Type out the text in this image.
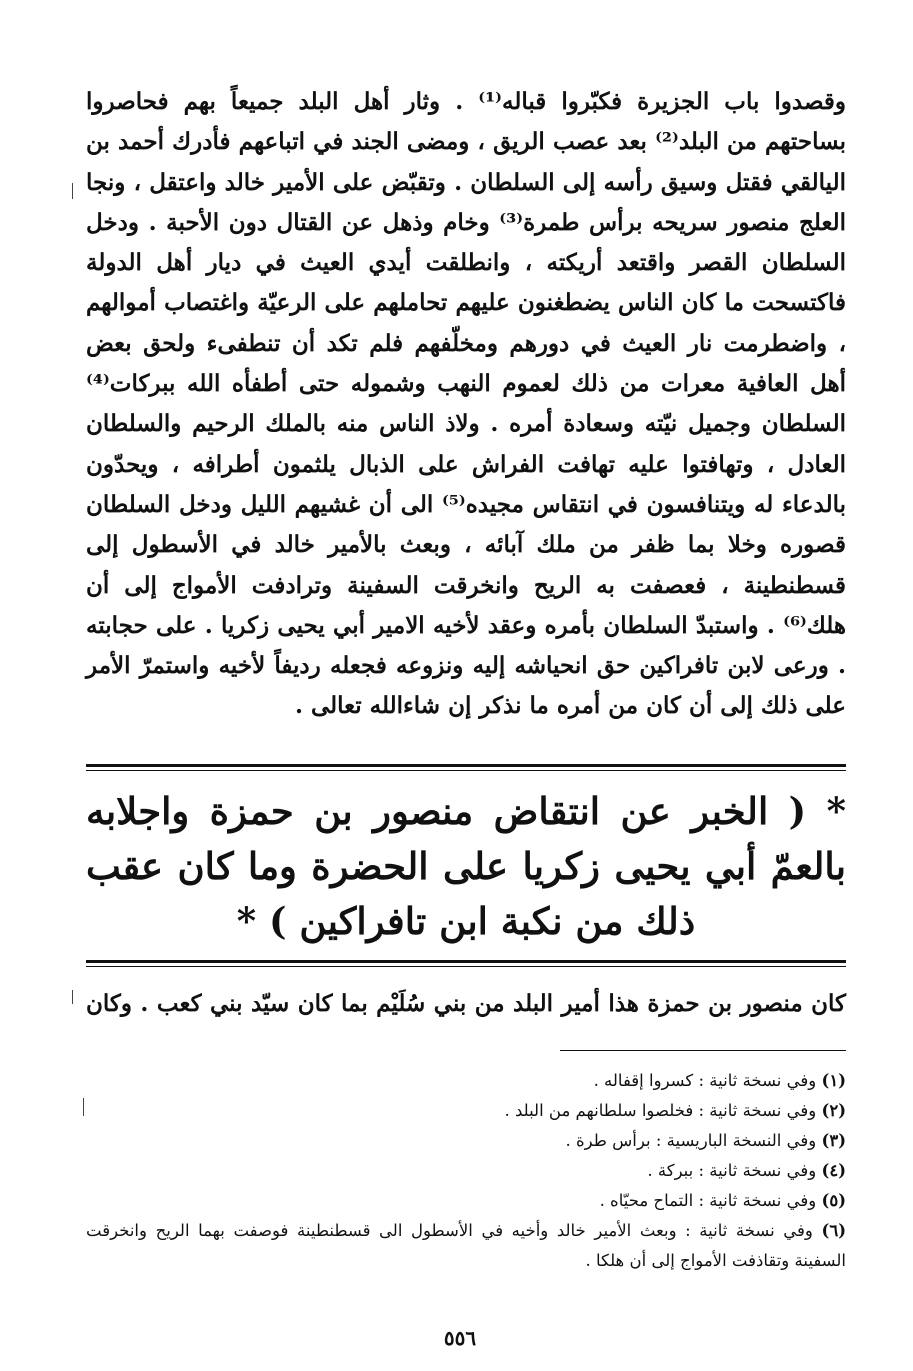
وقصدوا باب الجزيرة فكبّروا قباله⁽¹⁾ . وثار أهل البلد جميعاً بهم فحاصروا بساحتهم من البلد⁽²⁾ بعد عصب الريق ، ومضى الجند في اتباعهم فأدرك أحمد بن اليالقي فقتل وسيق رأسه إلى السلطان . وتقبّض على الأمير خالد واعتقل ، ونجا العلج منصور سريحه برأس طمرة⁽³⁾ وخام وذهل عن القتال دون الأحبة . ودخل السلطان القصر واقتعد أريكته ، وانطلقت أيدي العيث في ديار أهل الدولة فاكتسحت ما كان الناس يضطغنون عليهم تحاملهم على الرعيّة واغتصاب أموالهم ، واضطرمت نار العيث في دورهم ومخلّفهم فلم تكد أن تنطفىء ولحق بعض أهل العافية معرات من ذلك لعموم النهب وشموله حتى أطفأه الله ببركات⁽⁴⁾ السلطان وجميل نيّته وسعادة أمره . ولاذ الناس منه بالملك الرحيم والسلطان العادل ، وتهافتوا عليه تهافت الفراش على الذبال يلثمون أطرافه ، ويحدّون بالدعاء له ويتنافسون في انتقاس مجيده⁽⁵⁾ الى أن غشيهم الليل ودخل السلطان قصوره وخلا بما ظفر من ملك آبائه ، وبعث بالأمير خالد في الأسطول إلى قسطنطينة ، فعصفت به الريح وانخرقت السفينة وترادفت الأمواج إلى أن هلك⁽⁶⁾ . واستبدّ السلطان بأمره وعقد لأخيه الامير أبي يحيى زكريا . على حجابته . ورعى لابن تافراكين حق انحياشه إليه ونزوعه فجعله رديفاً لأخيه واستمرّ الأمر على ذلك إلى أن كان من أمره ما نذكر إن شاءالله تعالى .

* ( الخبر عن انتقاض منصور بن حمزة واجلابه بالعمّ أبي يحيى زكريا على الحضرة وما كان عقب ذلك من نكبة ابن تافراكين ) *

كان منصور بن حمزة هذا أمير البلد من بني سُلَيْم بما كان سيّد بني كعب . وكان
(١) وفي نسخة ثانية : كسروا إقفاله .
(٢) وفي نسخة ثانية : فخلصوا سلطانهم من البلد .
(٣) وفي النسخة الباريسية : برأس طرة .
(٤) وفي نسخة ثانية : ببركة .
(٥) وفي نسخة ثانية : التماح محيّاه .
(٦) وفي نسخة ثانية : وبعث الأمير خالد وأخيه في الأسطول الى قسطنطينة فوصفت بهما الريح وانخرقت السفينة وتقاذفت الأمواج إلى أن هلكا .
٥٥٦
